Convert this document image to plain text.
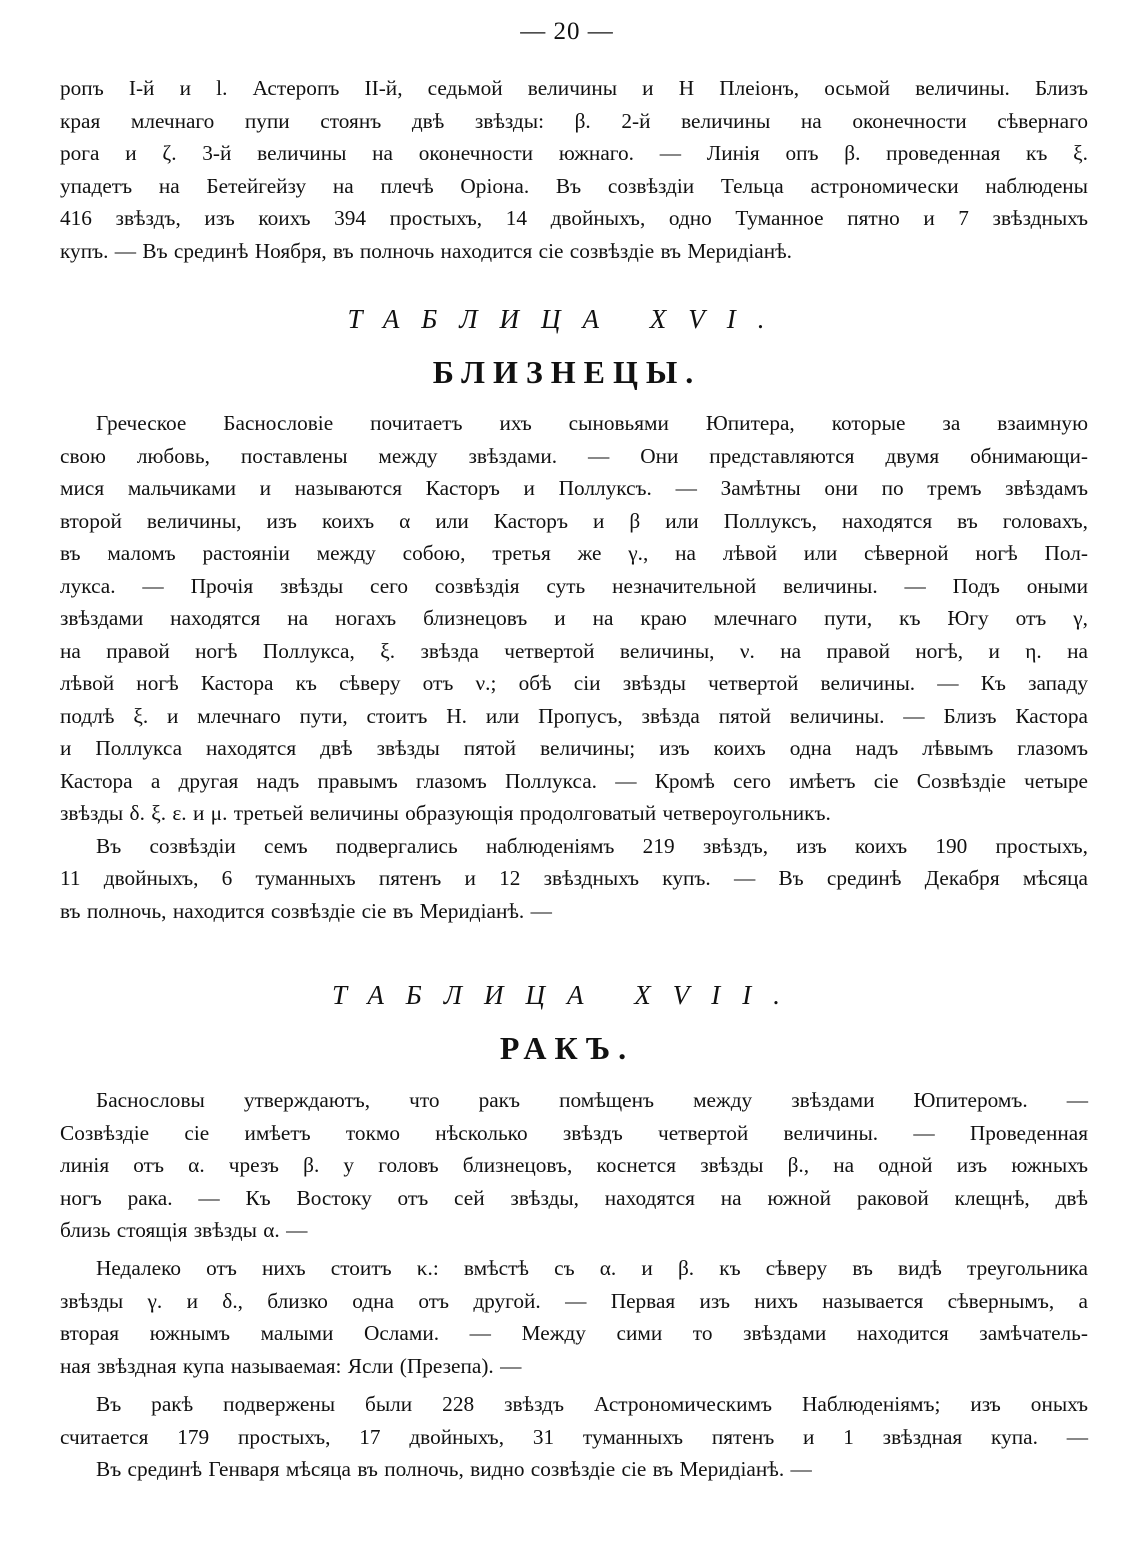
— 20 —
ропъ I-й и l. Астеропъ II-й, седьмой величины и H Плеіонъ, осьмой величины. Близъ
края млечнаго пупи стоянъ двѣ звѣзды: β. 2-й величины на оконечности сѣвернаго
рога и ζ. 3-й величины на оконечности южнаго. — Линія опъ β. проведенная къ ξ.
упадетъ на Бетейгейзу на плечѣ Оріона. Въ созвѣздіи Тельца астрономически наблюдены
416 звѣздъ, изъ коихъ 394 простыхъ, 14 двойныхъ, одно Туманное пятно и 7 звѣздныхъ
купъ. — Въ срединѣ Ноября, въ полночь находится сіе созвѣздіе въ Меридіанѣ.
ТАБЛИЦА XVI.
БЛИЗНЕЦЫ.
Греческое Баснословіе почитаетъ ихъ сыновьями Юпитера, которые за взаимную
свою любовь, поставлены между звѣздами. — Они представляются двумя обнимающи-
мися мальчиками и называются Касторъ и Поллуксъ. — Замѣтны они по тремъ звѣздамъ
второй величины, изъ коихъ α или Касторъ и β или Поллуксъ, находятся въ головахъ,
въ маломъ растояніи между собою, третья же γ., на лѣвой или сѣверной ногѣ Пол-
лукса. — Прочія звѣзды сего созвѣздія суть незначительной величины. — Подъ оными
звѣздами находятся на ногахъ близнецовъ и на краю млечнаго пути, къ Югу отъ γ,
на правой ногѣ Поллукса, ξ. звѣзда четвертой величины, ν. на правой ногѣ, и η. на
лѣвой ногѣ Кастора къ сѣверу отъ ν.; обѣ сіи звѣзды четвертой величины. — Къ западу
подлѣ ξ. и млечнаго пути, стоитъ Н. или Пропусъ, звѣзда пятой величины. — Близъ Кастора
и Поллукса находятся двѣ звѣзды пятой величины; изъ коихъ одна надъ лѣвымъ глазомъ
Кастора а другая надъ правымъ глазомъ Поллукса. — Кромѣ сего имѣетъ сіе Созвѣздіе четыре
звѣзды δ. ξ. ε. и μ. третьей величины образующія продолговатый четвероугольникъ.
Въ созвѣздіи семъ подвергались наблюденіямъ 219 звѣздъ, изъ коихъ 190 простыхъ,
11 двойныхъ, 6 туманныхъ пятенъ и 12 звѣздныхъ купъ. — Въ срединѣ Декабря мѣсяца
въ полночь, находится созвѣздіе сіе въ Меридіанѣ. —
ТАБЛИЦА XVII.
РАКЪ.
Баснословы утверждаютъ, что ракъ помѣщенъ между звѣздами Юпитеромъ. —
Созвѣздіе сіе имѣетъ токмо нѣсколько звѣздъ четвертой величины. — Проведенная
линія отъ α. чрезъ β. у головъ близнецовъ, коснется звѣзды β., на одной изъ южныхъ
ногъ рака. — Къ Востоку отъ сей звѣзды, находятся на южной раковой клещнѣ, двѣ
близь стоящія звѣзды α. —
Недалеко отъ нихъ стоитъ κ.: вмѣстѣ съ α. и β. къ сѣверу въ видѣ треугольника
звѣзды γ. и δ., близко одна отъ другой. — Первая изъ нихъ называется сѣвернымъ, а
вторая южнымъ малыми Ослами. — Между сими то звѣздами находится замѣчатель-
ная звѣздная купа называемая: Ясли (Презепа). —
Въ ракѣ подвержены были 228 звѣздъ Астрономическимъ Наблюденіямъ; изъ оныхъ
считается 179 простыхъ, 17 двойныхъ, 31 туманныхъ пятенъ и 1 звѣздная купа. —
Въ срединѣ Генваря мѣсяца въ полночь, видно созвѣздіе сіе въ Меридіанѣ. —
